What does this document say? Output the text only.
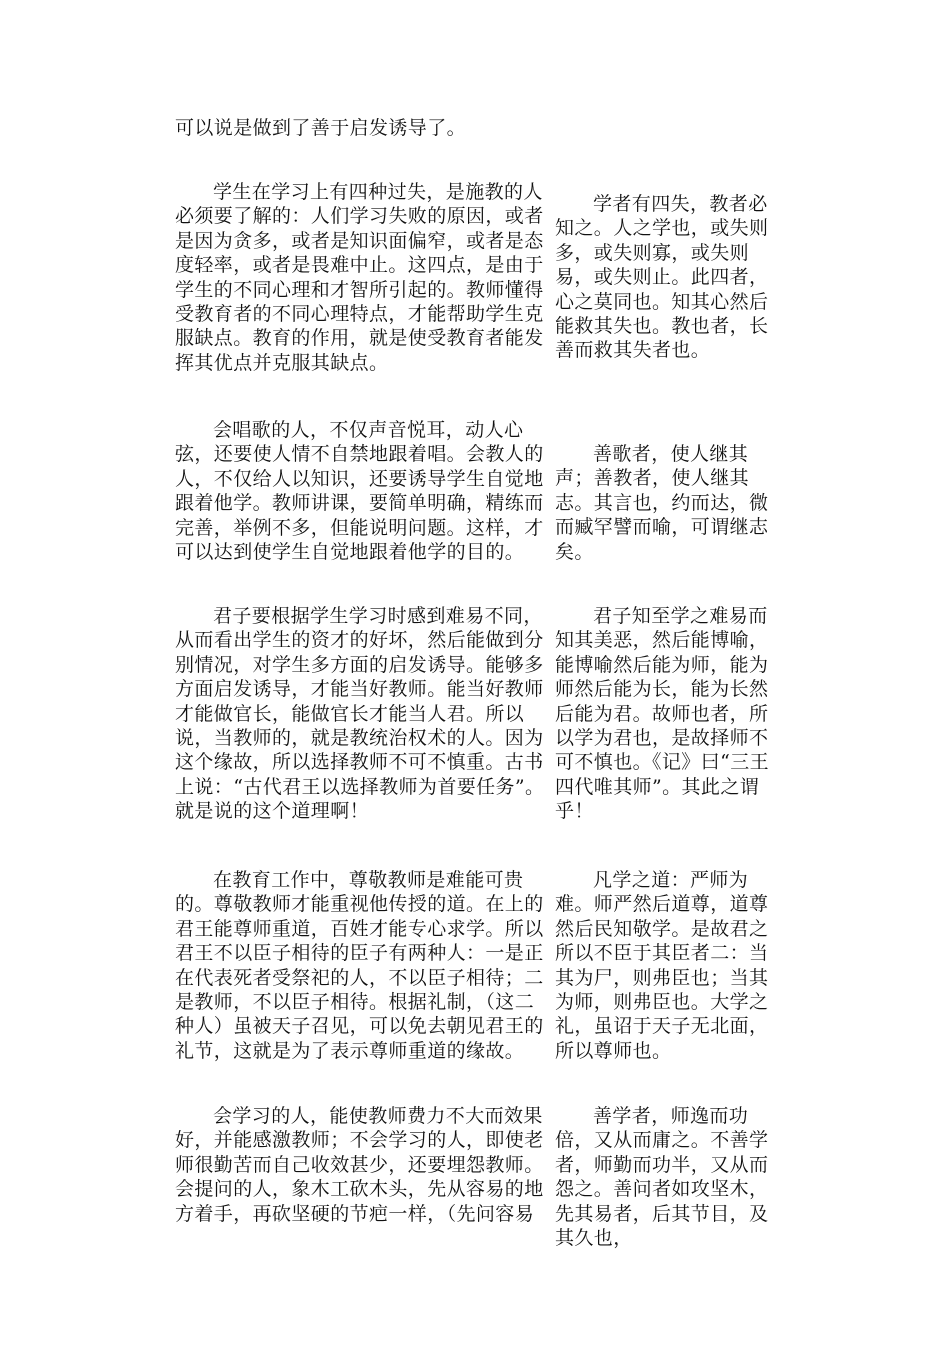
可以说是做到了善于启发诱导了。

学生在学习上有四种过失，是施教的人必须要了解的：人们学习失败的原因，或者是因为贪多，或者是知识面偏窄，或者是态度轻率，或者是畏难中止。这四点，是由于学生的不同心理和才智所引起的。教师懂得受教育者的不同心理特点，才能帮助学生克服缺点。教育的作用，就是使受教育者能发挥其优点并克服其缺点。

学者有四失，教者必知之。人之学也，或失则多，或失则寡，或失则易，或失则止。此四者，心之莫同也。知其心然后能救其失也。教也者，长善而救其失者也。

会唱歌的人，不仅声音悦耳，动人心弦，还要使人情不自禁地跟着唱。会教人的人，不仅给人以知识，还要诱导学生自觉地跟着他学。教师讲课，要简单明确，精练而完善，举例不多，但能说明问题。这样，才可以达到使学生自觉地跟着他学的目的。

善歌者，使人继其声；善教者，使人继其志。其言也，约而达，微而臧罕譬而喻，可谓继志矣。

君子要根据学生学习时感到难易不同，从而看出学生的资才的好坏，然后能做到分别情况，对学生多方面的启发诱导。能够多方面启发诱导，才能当好教师。能当好教师才能做官长，能做官长才能当人君。所以说，当教师的，就是教统治权术的人。因为这个缘故，所以选择教师不可不慎重。古书上说：“古代君王以选择教师为首要任务”。就是说的这个道理啊！

君子知至学之难易而知其美恶，然后能博喻，能博喻然后能为师，能为师然后能为长，能为长然后能为君。故师也者，所以学为君也，是故择师不可不慎也。《记》曰“三王四代唯其师”。其此之谓乎！

在教育工作中，尊敬教师是难能可贵的。尊敬教师才能重视他传授的道。在上的君王能尊师重道，百姓才能专心求学。所以君王不以臣子相待的臣子有两种人：一是正在代表死者受祭祀的人，不以臣子相待；二是教师，不以臣子相待。根据礼制，（这二种人）虽被天子召见，可以免去朝见君王的礼节，这就是为了表示尊师重道的缘故。

凡学之道：严师为难。师严然后道尊，道尊然后民知敬学。是故君之所以不臣于其臣者二：当其为尸，则弗臣也；当其为师，则弗臣也。大学之礼，虽诏于天子无北面，所以尊师也。

会学习的人，能使教师费力不大而效果好，并能感激教师；不会学习的人，即使老师很勤苦而自己收效甚少，还要埋怨教师。会提问的人，象木工砍木头，先从容易的地方着手，再砍坚硬的节疤一样，（先问容易

善学者，师逸而功倍，又从而庸之。不善学者，师勤而功半，又从而怨之。善问者如攻坚木，先其易者，后其节目，及其久也，
